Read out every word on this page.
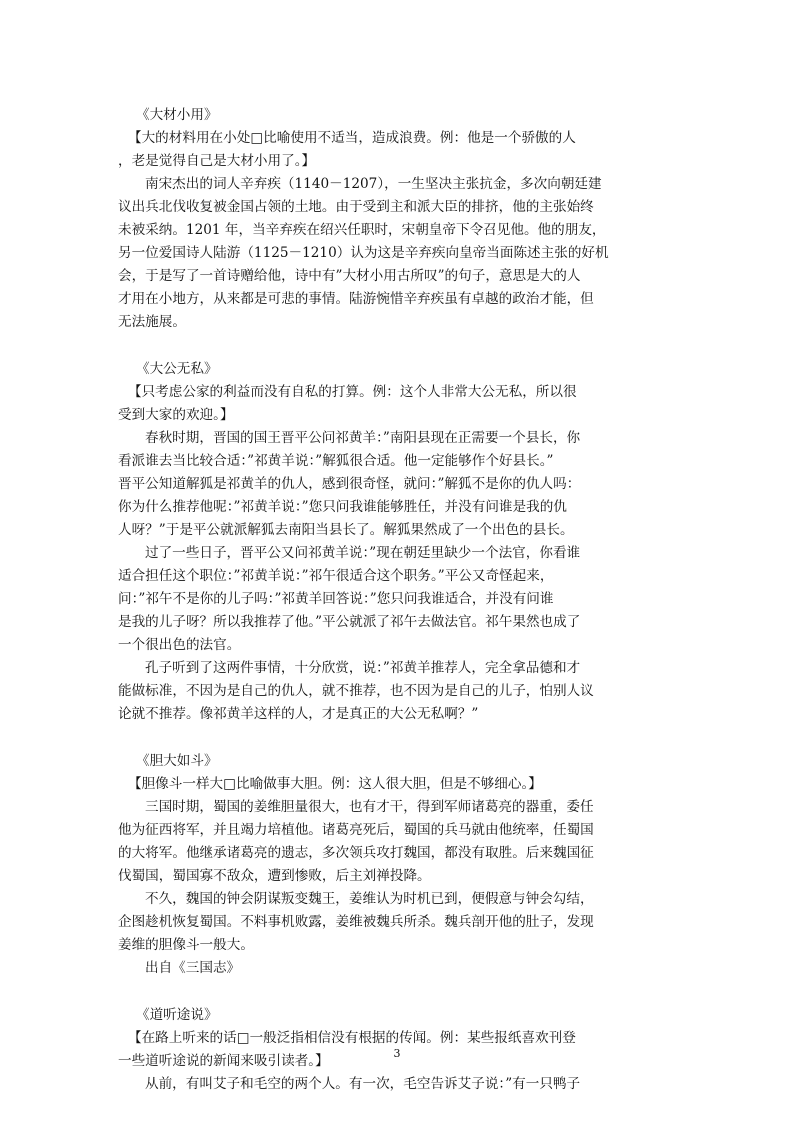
《大材小用》
【大的材料用在小处□比喻使用不适当，造成浪费。例：他是一个骄傲的人
，老是觉得自己是大材小用了。】
南宋杰出的词人辛弃疾（1140－1207），一生坚决主张抗金，多次向朝廷建
议出兵北伐收复被金国占领的土地。由于受到主和派大臣的排挤，他的主张始终
未被采纳。1201 年，当辛弃疾在绍兴任职时，宋朝皇帝下令召见他。他的朋友，
另一位爱国诗人陆游（1125－1210）认为这是辛弃疾向皇帝当面陈述主张的好机
会，于是写了一首诗赠给他，诗中有”大材小用古所叹”的句子，意思是大的人
才用在小地方，从来都是可悲的事情。陆游惋惜辛弃疾虽有卓越的政治才能，但
无法施展。
《大公无私》
【只考虑公家的利益而没有自私的打算。例：这个人非常大公无私，所以很
受到大家的欢迎。】
春秋时期，晋国的国王晋平公问祁黄羊：”南阳县现在正需要一个县长，你
看派谁去当比较合适：”祁黄羊说：”解狐很合适。他一定能够作个好县长。”
晋平公知道解狐是祁黄羊的仇人，感到很奇怪，就问：”解狐不是你的仇人吗：
你为什么推荐他呢：”祁黄羊说：”您只问我谁能够胜任，并没有问谁是我的仇
人呀？”于是平公就派解狐去南阳当县长了。解狐果然成了一个出色的县长。
过了一些日子，晋平公又问祁黄羊说：”现在朝廷里缺少一个法官，你看谁
适合担任这个职位：”祁黄羊说：”祁午很适合这个职务。”平公又奇怪起来，
问：”祁午不是你的儿子吗：”祁黄羊回答说：”您只问我谁适合，并没有问谁
是我的儿子呀？所以我推荐了他。”平公就派了祁午去做法官。祁午果然也成了
一个很出色的法官。
孔子听到了这两件事情，十分欣赏，说：”祁黄羊推荐人，完全拿品德和才
能做标准，不因为是自己的仇人，就不推荐，也不因为是自己的儿子，怕别人议
论就不推荐。像祁黄羊这样的人，才是真正的大公无私啊？”
《胆大如斗》
【胆像斗一样大□比喻做事大胆。例：这人很大胆，但是不够细心。】
三国时期，蜀国的姜维胆量很大，也有才干，得到军师诸葛亮的器重，委任
他为征西将军，并且竭力培植他。诸葛亮死后，蜀国的兵马就由他统率，任蜀国
的大将军。他继承诸葛亮的遗志，多次领兵攻打魏国，都没有取胜。后来魏国征
伐蜀国，蜀国寡不敌众，遭到惨败，后主刘禅投降。
不久，魏国的钟会阴谋叛变魏王，姜维认为时机已到，便假意与钟会勾结，
企图趁机恢复蜀国。不料事机败露，姜维被魏兵所杀。魏兵剖开他的肚子，发现
姜维的胆像斗一般大。
出自《三国志》
《道听途说》
【在路上听来的话□一般泛指相信没有根据的传闻。例：某些报纸喜欢刊登
一些道听途说的新闻来吸引读者。】
从前，有叫艾子和毛空的两个人。有一次，毛空告诉艾子说：”有一只鸭子
3
